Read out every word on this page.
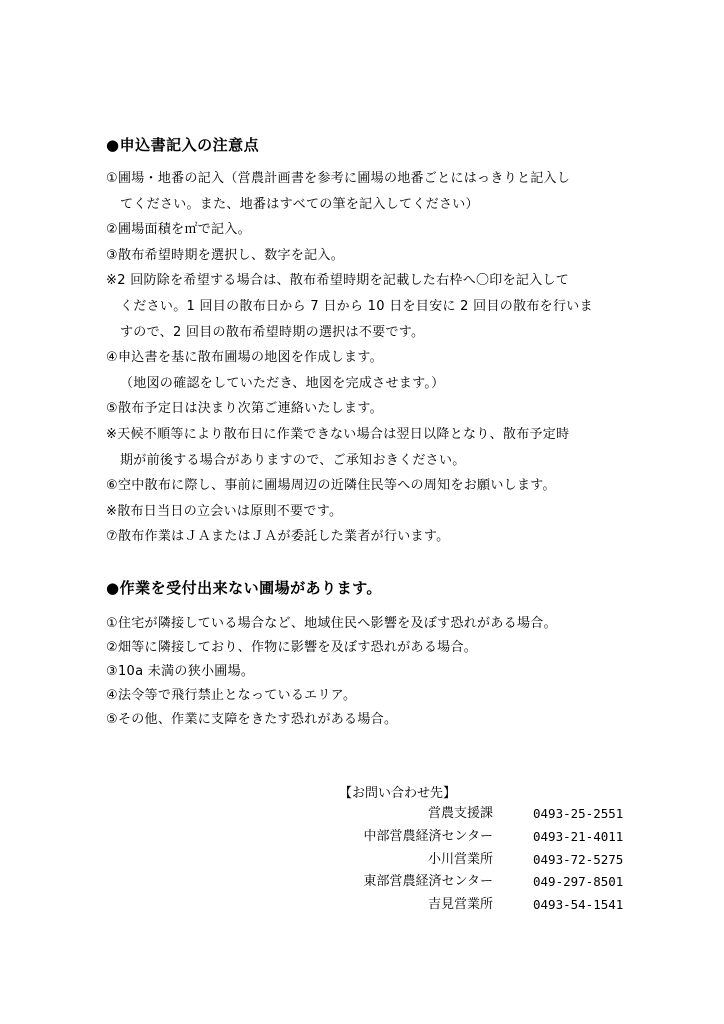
●申込書記入の注意点
①圃場・地番の記入（営農計画書を参考に圃場の地番ごとにはっきりと記入し
てください。また、地番はすべての筆を記入してください）
②圃場面積を㎡で記入。
③散布希望時期を選択し、数字を記入。
※2 回防除を希望する場合は、散布希望時期を記載した右枠へ〇印を記入して
ください。1 回目の散布日から 7 日から 10 日を目安に 2 回目の散布を行いま
すので、2 回目の散布希望時期の選択は不要です。
④申込書を基に散布圃場の地図を作成します。
（地図の確認をしていただき、地図を完成させます。）
⑤散布予定日は決まり次第ご連絡いたします。
※天候不順等により散布日に作業できない場合は翌日以降となり、散布予定時
期が前後する場合がありますので、ご承知おきください。
⑥空中散布に際し、事前に圃場周辺の近隣住民等への周知をお願いします。
※散布日当日の立会いは原則不要です。
⑦散布作業はＪＡまたはＪＡが委託した業者が行います。
●作業を受付出来ない圃場があります。
①住宅が隣接している場合など、地域住民へ影響を及ぼす恐れがある場合。
②畑等に隣接しており、作物に影響を及ぼす恐れがある場合。
③10a 未満の狭小圃場。
④法令等で飛行禁止となっているエリア。
⑤その他、作業に支障をきたす恐れがある場合。
【お問い合わせ先】
営農支援課	0493-25-2551
中部営農経済センター	0493-21-4011
小川営業所	0493-72-5275
東部営農経済センター	049-297-8501
吉見営業所	0493-54-1541
